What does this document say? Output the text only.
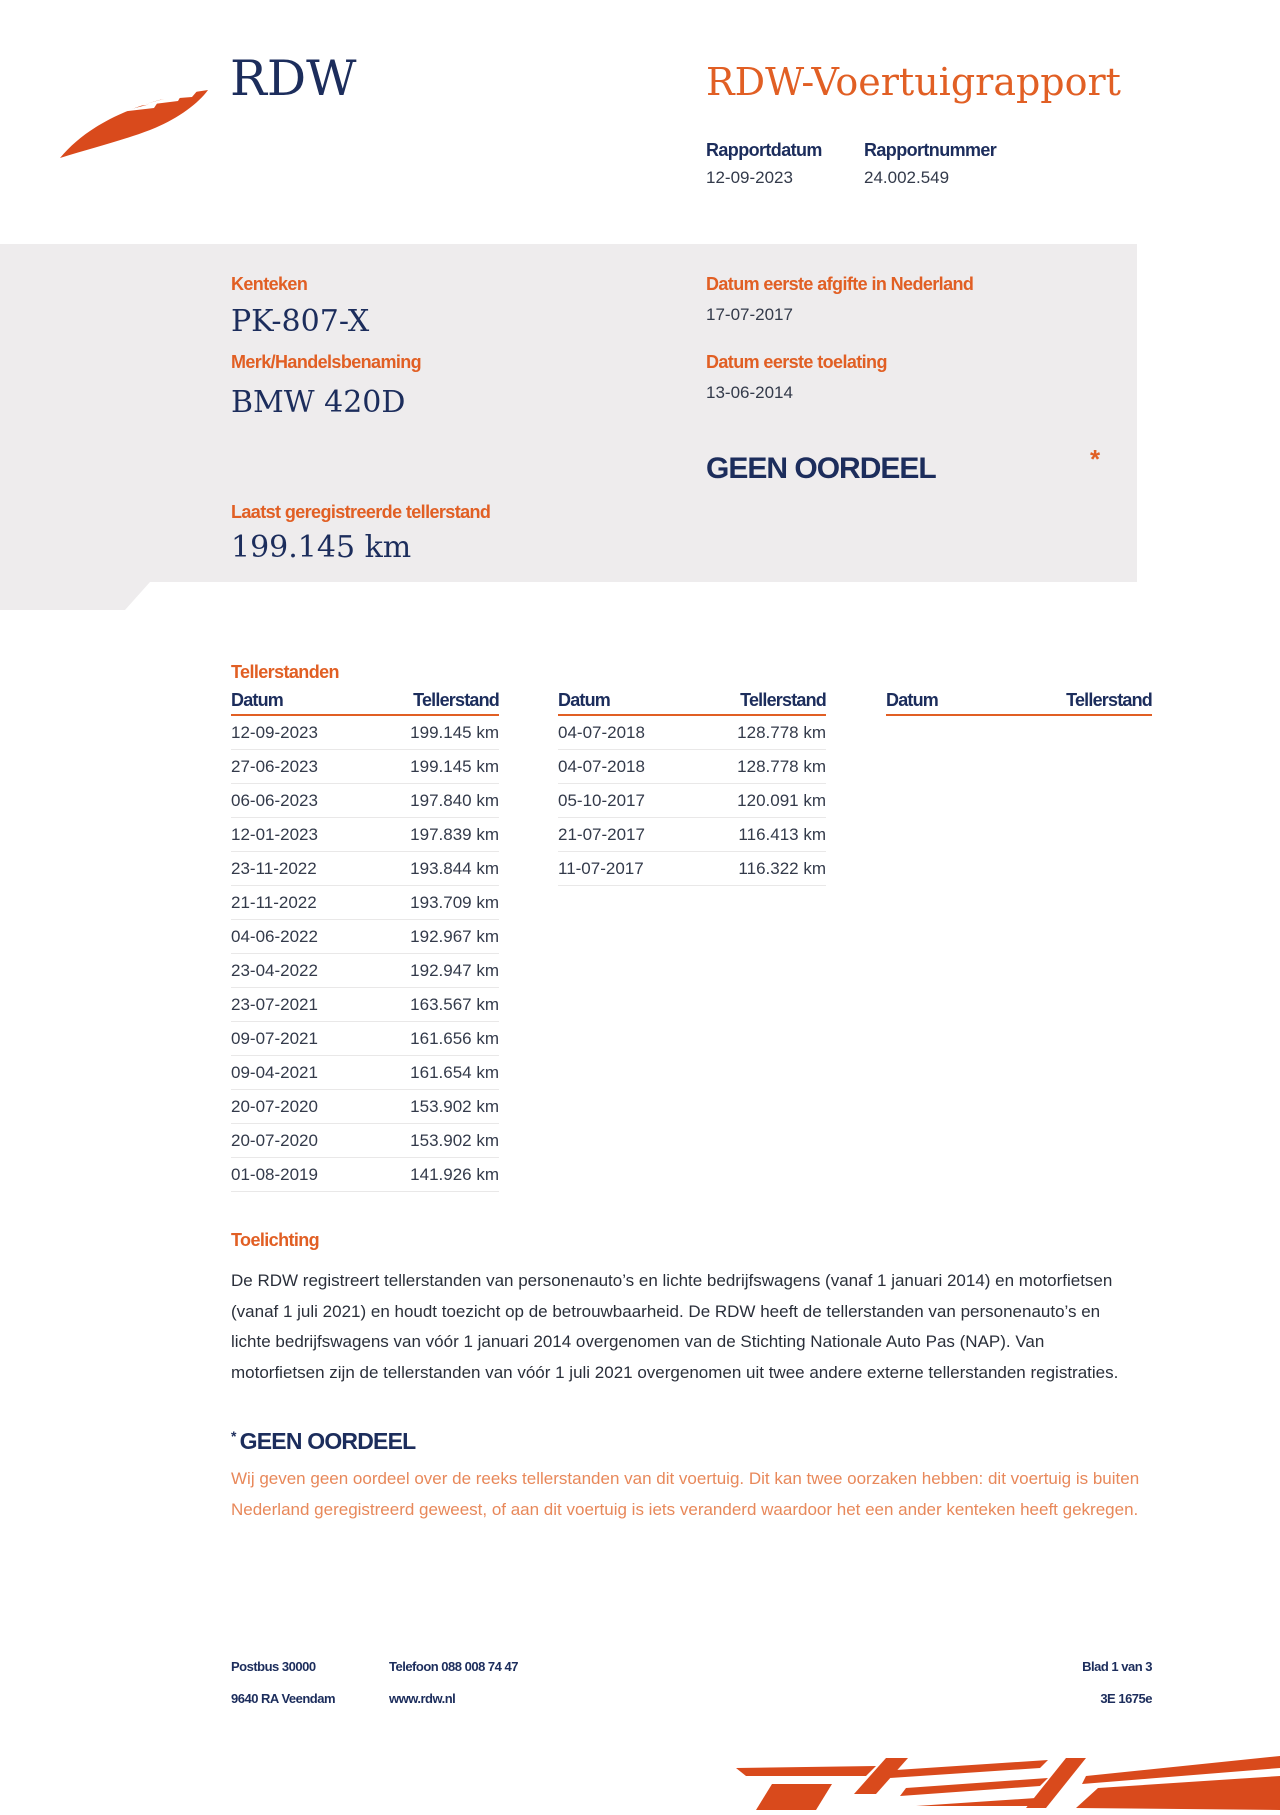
RDW	RDW-Voertuigrapport
Rapportdatum
12-09-2023
Rapportnummer
24.002.549
Kenteken
PK-807-X
Merk/Handelsbenaming
BMW 420D
Laatst geregistreerde tellerstand
199.145 km
Datum eerste afgifte in Nederland
17-07-2017
Datum eerste toelating
13-06-2014
GEEN OORDEEL	*
Tellerstanden
Datum	Tellerstand
12-09-2023	199.145 km
27-06-2023	199.145 km
06-06-2023	197.840 km
12-01-2023	197.839 km
23-11-2022	193.844 km
21-11-2022	193.709 km
04-06-2022	192.967 km
23-04-2022	192.947 km
23-07-2021	163.567 km
09-07-2021	161.656 km
09-04-2021	161.654 km
20-07-2020	153.902 km
20-07-2020	153.902 km
01-08-2019	141.926 km
Datum	Tellerstand
04-07-2018	128.778 km
04-07-2018	128.778 km
05-10-2017	120.091 km
21-07-2017	116.413 km
11-07-2017	116.322 km
Datum	Tellerstand
Toelichting
De RDW registreert tellerstanden van personenauto’s en lichte bedrijfswagens (vanaf 1 januari 2014) en motorfietsen (vanaf 1 juli 2021) en houdt toezicht op de betrouwbaarheid. De RDW heeft de tellerstanden van personenauto’s en lichte bedrijfswagens van vóór 1 januari 2014 overgenomen van de Stichting Nationale Auto Pas (NAP). Van motorfietsen zijn de tellerstanden van vóór 1 juli 2021 overgenomen uit twee andere externe tellerstanden registraties.
* GEEN OORDEEL
Wij geven geen oordeel over de reeks tellerstanden van dit voertuig. Dit kan twee oorzaken hebben: dit voertuig is buiten Nederland geregistreerd geweest, of aan dit voertuig is iets veranderd waardoor het een ander kenteken heeft gekregen.
Postbus 30000
9640 RA Veendam
Telefoon 088 008 74 47
www.rdw.nl
Blad 1 van 3
3E 1675e
